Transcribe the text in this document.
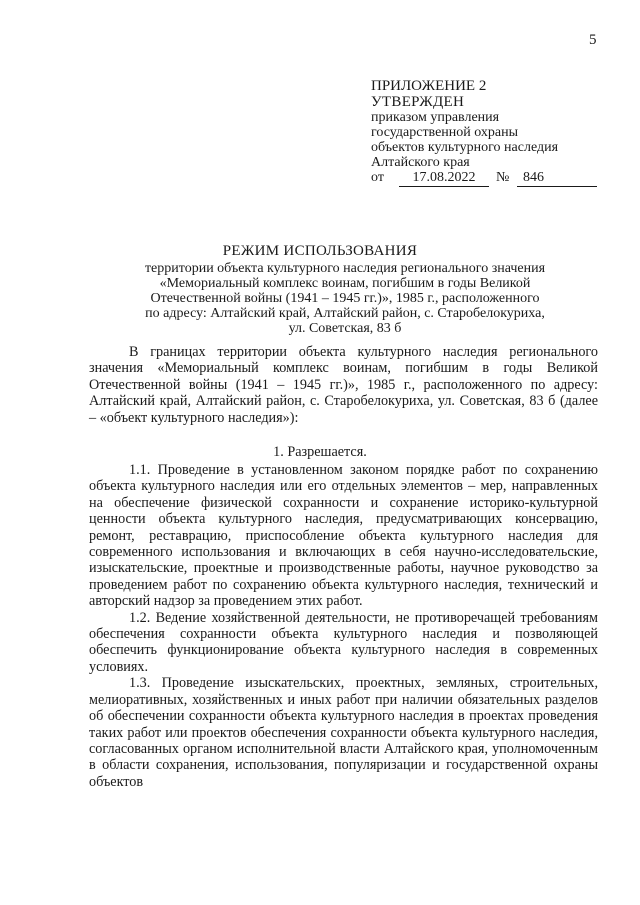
5
ПРИЛОЖЕНИЕ 2
УТВЕРЖДЕН
приказом управления
государственной охраны
объектов культурного наследия
Алтайского края
от	17.08.2022	№ 846
РЕЖИМ ИСПОЛЬЗОВАНИЯ
территории объекта культурного наследия регионального значения
«Мемориальный комплекс воинам, погибшим в годы Великой
Отечественной войны (1941 – 1945 гг.)», 1985 г., расположенного
по адресу: Алтайский край, Алтайский район, с. Старобелокуриха,
ул. Советская, 83 б
В границах территории объекта культурного наследия регионального значения «Мемориальный комплекс воинам, погибшим в годы Великой Отечественной войны (1941 – 1945 гг.)», 1985 г., расположенного по адресу: Алтайский край, Алтайский район, с. Старобелокуриха, ул. Советская, 83 б (далее – «объект культурного наследия»):
1. Разрешается.

1.1. Проведение в установленном законом порядке работ по сохранению объекта культурного наследия или его отдельных элементов – мер, направленных на обеспечение физической сохранности и сохранение историко-культурной ценности объекта культурного наследия, предусматривающих консервацию, ремонт, реставрацию, приспособление объекта культурного наследия для современного использования и включающих в себя научно-исследовательские, изыскательские, проектные и производственные работы, научное руководство за проведением работ по сохранению объекта культурного наследия, технический и авторский надзор за проведением этих работ.

1.2. Ведение хозяйственной деятельности, не противоречащей требованиям обеспечения сохранности объекта культурного наследия и позволяющей обеспечить функционирование объекта культурного наследия в современных условиях.

1.3. Проведение изыскательских, проектных, земляных, строительных, мелиоративных, хозяйственных и иных работ при наличии обязательных разделов об обеспечении сохранности объекта культурного наследия в проектах проведения таких работ или проектов обеспечения сохранности объекта культурного наследия, согласованных органом исполнительной власти Алтайского края, уполномоченным в области сохранения, использования, популяризации и государственной охраны объектов
